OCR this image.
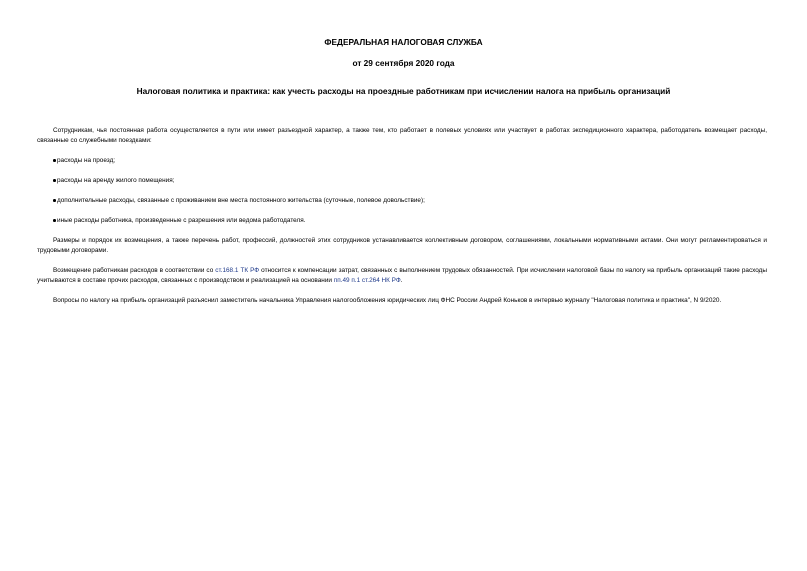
ФЕДЕРАЛЬНАЯ НАЛОГОВАЯ СЛУЖБА

от 29 сентября 2020 года

Налоговая политика и практика: как учесть расходы на проездные работникам при исчислении налога на прибыль организаций

Сотрудникам, чья постоянная работа осуществляется в пути или имеет разъездной характер, а также тем, кто работает в полевых условиях или участвует в работах экспедиционного характера, работодатель возмещает расходы, связанные со служебными поездками:

расходы на проезд;
расходы на аренду жилого помещения;
дополнительные расходы, связанные с проживанием вне места постоянного жительства (суточные, полевое довольствие);
иные расходы работника, произведенные с разрешения или ведома работодателя.

Размеры и порядок их возмещения, а также перечень работ, профессий, должностей этих сотрудников устанавливается коллективным договором, соглашениями, локальными нормативными актами. Они могут регламентироваться и трудовыми договорами.

Возмещение работникам расходов в соответствии со ст.168.1 ТК РФ относится к компенсации затрат, связанных с выполнением трудовых обязанностей. При исчислении налоговой базы по налогу на прибыль организаций такие расходы учитываются в составе прочих расходов, связанных с производством и реализацией на основании пп.49 п.1 ст.264 НК РФ.

Вопросы по налогу на прибыль организаций разъяснил заместитель начальника Управления налогообложения юридических лиц ФНС России Андрей Коньков в интервью журналу "Налоговая политика и практика", N 9/2020.
